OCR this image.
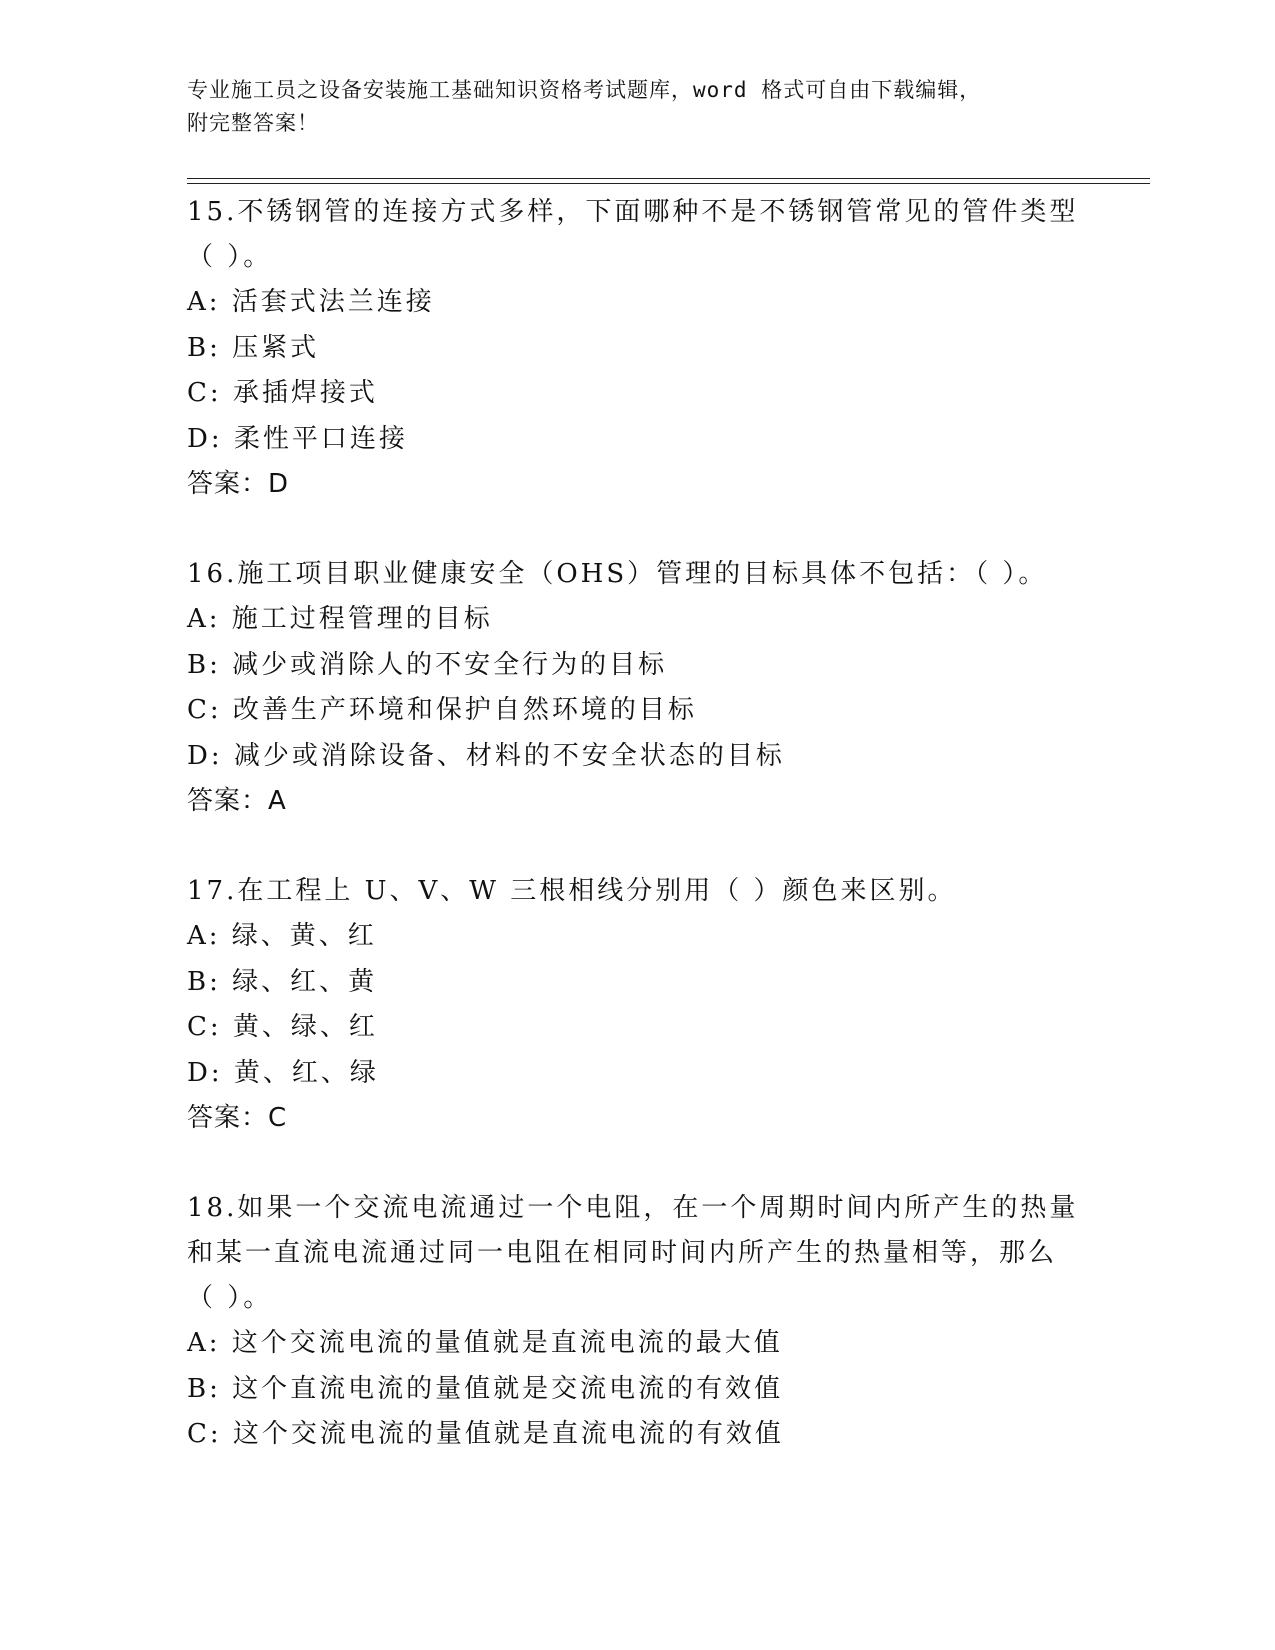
专业施工员之设备安装施工基础知识资格考试题库，word 格式可自由下载编辑，
附完整答案！
15.不锈钢管的连接方式多样，下面哪种不是不锈钢管常见的管件类型
（ ）。
A: 活套式法兰连接
B: 压紧式
C: 承插焊接式
D: 柔性平口连接
答案：D
16.施工项目职业健康安全（OHS）管理的目标具体不包括：（ ）。
A: 施工过程管理的目标
B: 减少或消除人的不安全行为的目标
C: 改善生产环境和保护自然环境的目标
D: 减少或消除设备、材料的不安全状态的目标
答案：A
17.在工程上 U、V、W 三根相线分别用（ ）颜色来区别。
A: 绿、黄、红
B: 绿、红、黄
C: 黄、绿、红
D: 黄、红、绿
答案：C
18.如果一个交流电流通过一个电阻，在一个周期时间内所产生的热量
和某一直流电流通过同一电阻在相同时间内所产生的热量相等，那么
（ ）。
A: 这个交流电流的量值就是直流电流的最大值
B: 这个直流电流的量值就是交流电流的有效值
C: 这个交流电流的量值就是直流电流的有效值
